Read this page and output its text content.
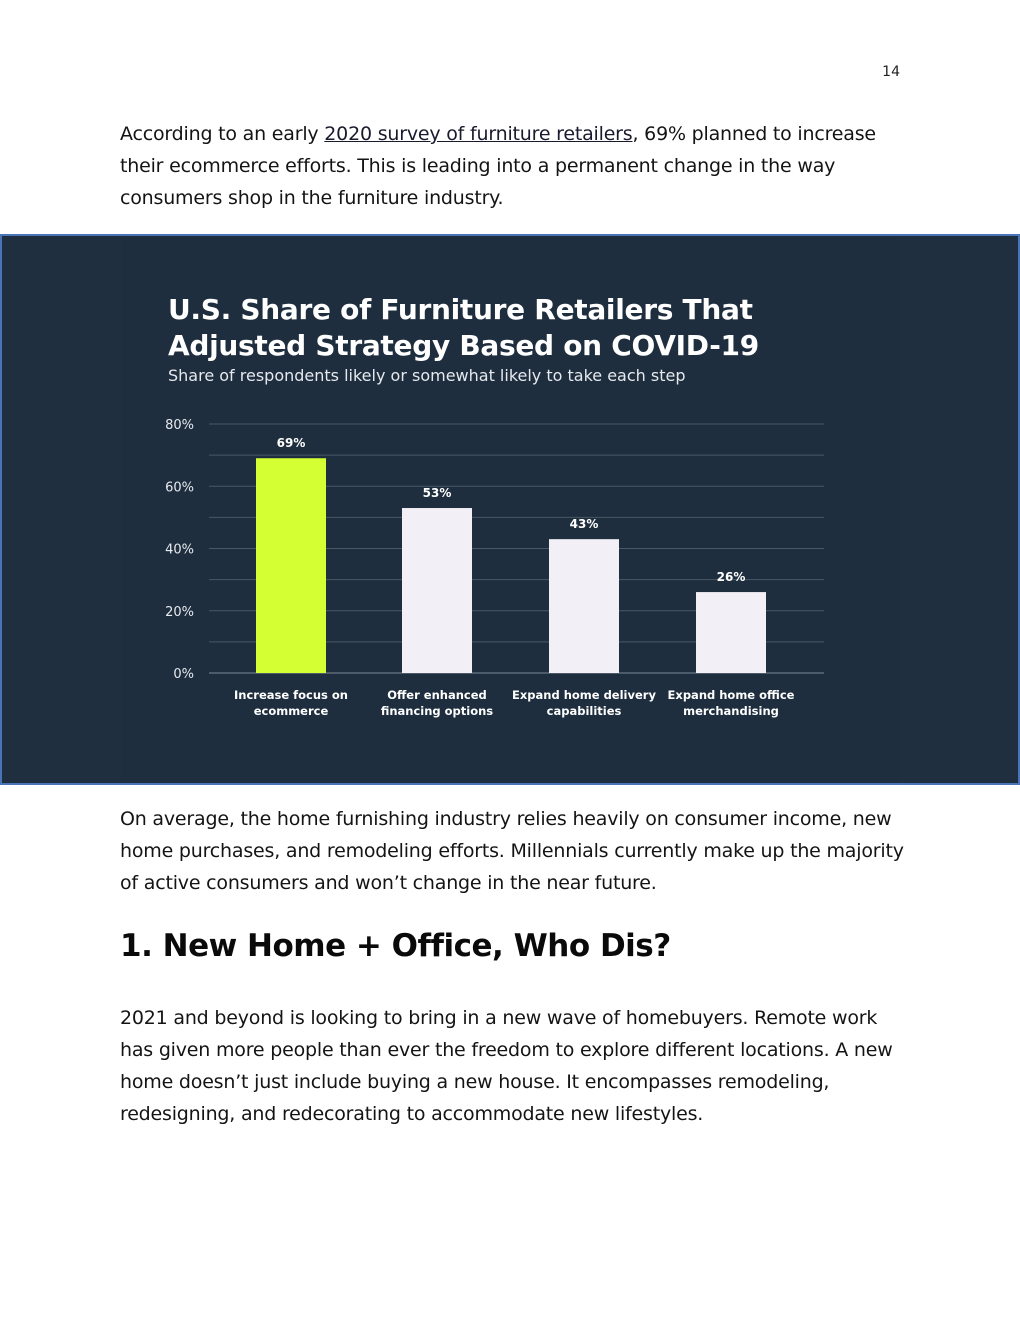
14

According to an early 2020 survey of furniture retailers, 69% planned to increase their ecommerce efforts. This is leading into a permanent change in the way consumers shop in the furniture industry.

U.S. Share of Furniture Retailers That Adjusted Strategy Based on COVID-19
Share of respondents likely or somewhat likely to take each step
0%
20%
40%
60%
80%
69%
Increase focus on
ecommerce
53%
Offer enhanced
financing options
43%
Expand home delivery
capabilities
26%
Expand home office
merchandising

On average, the home furnishing industry relies heavily on consumer income, new home purchases, and remodeling efforts. Millennials currently make up the majority of active consumers and won’t change in the near future.

1. New Home + Office, Who Dis?

2021 and beyond is looking to bring in a new wave of homebuyers. Remote work has given more people than ever the freedom to explore different locations. A new home doesn’t just include buying a new house. It encompasses remodeling, redesigning, and redecorating to accommodate new lifestyles.
